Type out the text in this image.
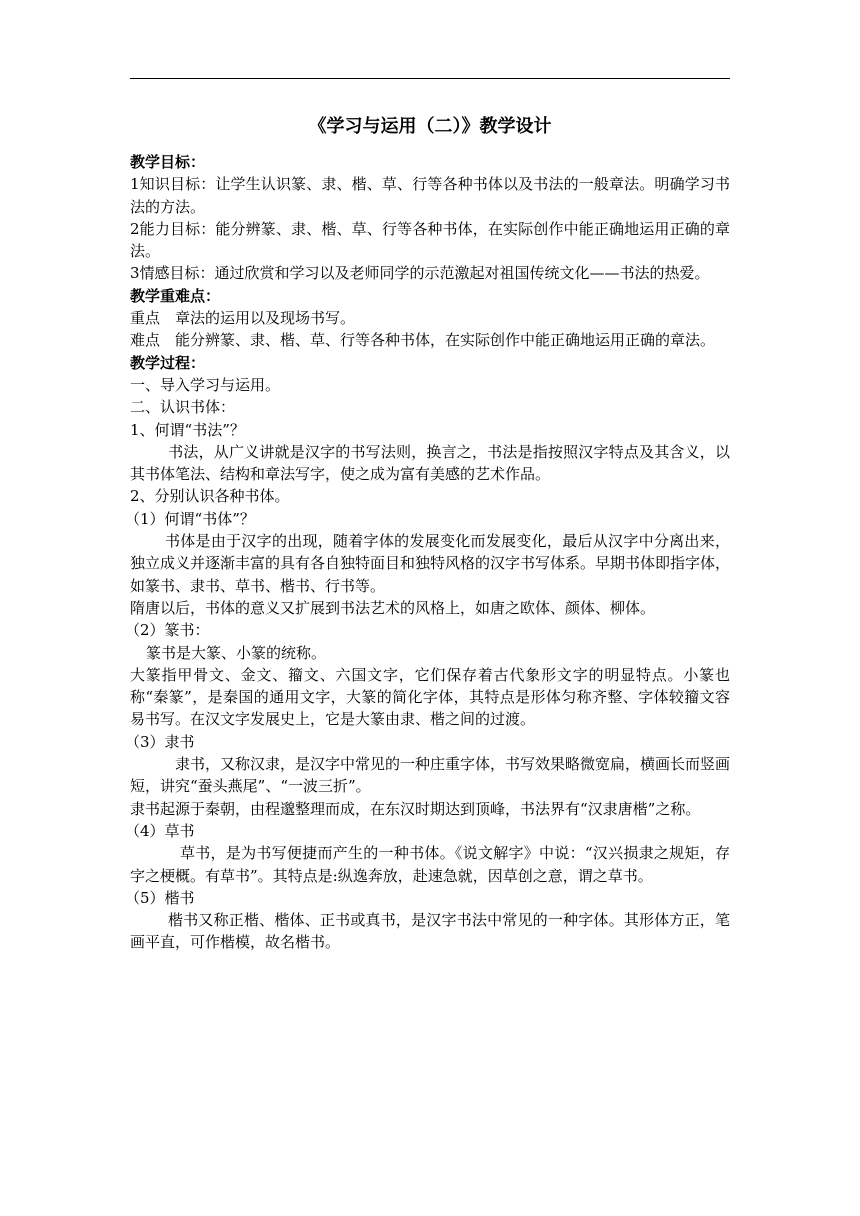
《学习与运用（二）》教学设计

教学目标：

1知识目标：让学生认识篆、隶、楷、草、行等各种书体以及书法的一般章法。明确学习书法的方法。

2能力目标：能分辨篆、隶、楷、草、行等各种书体，在实际创作中能正确地运用正确的章法。

3情感目标：通过欣赏和学习以及老师同学的示范激起对祖国传统文化——书法的热爱。

教学重难点：

重点　章法的运用以及现场书写。

难点　能分辨篆、隶、楷、草、行等各种书体，在实际创作中能正确地运用正确的章法。

教学过程：

一、导入学习与运用。

二、认识书体：

1、何谓“书法”？

书法，从广义讲就是汉字的书写法则，换言之，书法是指按照汉字特点及其含义，以其书体笔法、结构和章法写字，使之成为富有美感的艺术作品。

2、分别认识各种书体。

（1）何谓“书体”？

书体是由于汉字的出现，随着字体的发展变化而发展变化，最后从汉字中分离出来，独立成义并逐渐丰富的具有各自独特面目和独特风格的汉字书写体系。早期书体即指字体，如篆书、隶书、草书、楷书、行书等。

隋唐以后，书体的意义又扩展到书法艺术的风格上，如唐之欧体、颜体、柳体。

（2）篆书：

篆书是大篆、小篆的统称。

大篆指甲骨文、金文、籀文、六国文字，它们保存着古代象形文字的明显特点。小篆也称“秦篆”，是秦国的通用文字，大篆的简化字体，其特点是形体匀称齐整、字体较籀文容易书写。在汉文字发展史上，它是大篆由隶、楷之间的过渡。

（3）隶书

隶书，又称汉隶，是汉字中常见的一种庄重字体，书写效果略微宽扁，横画长而竖画短，讲究“蚕头燕尾”、“一波三折”。

隶书起源于秦朝，由程邈整理而成，在东汉时期达到顶峰，书法界有“汉隶唐楷”之称。

（4）草书

草书，是为书写便捷而产生的一种书体。《说文解字》中说：“汉兴损隶之规矩，存字之梗概。有草书”。其特点是:纵逸奔放，赴速急就，因草创之意，谓之草书。

（5）楷书

楷书又称正楷、楷体、正书或真书，是汉字书法中常见的一种字体。其形体方正，笔画平直，可作楷模，故名楷书。
